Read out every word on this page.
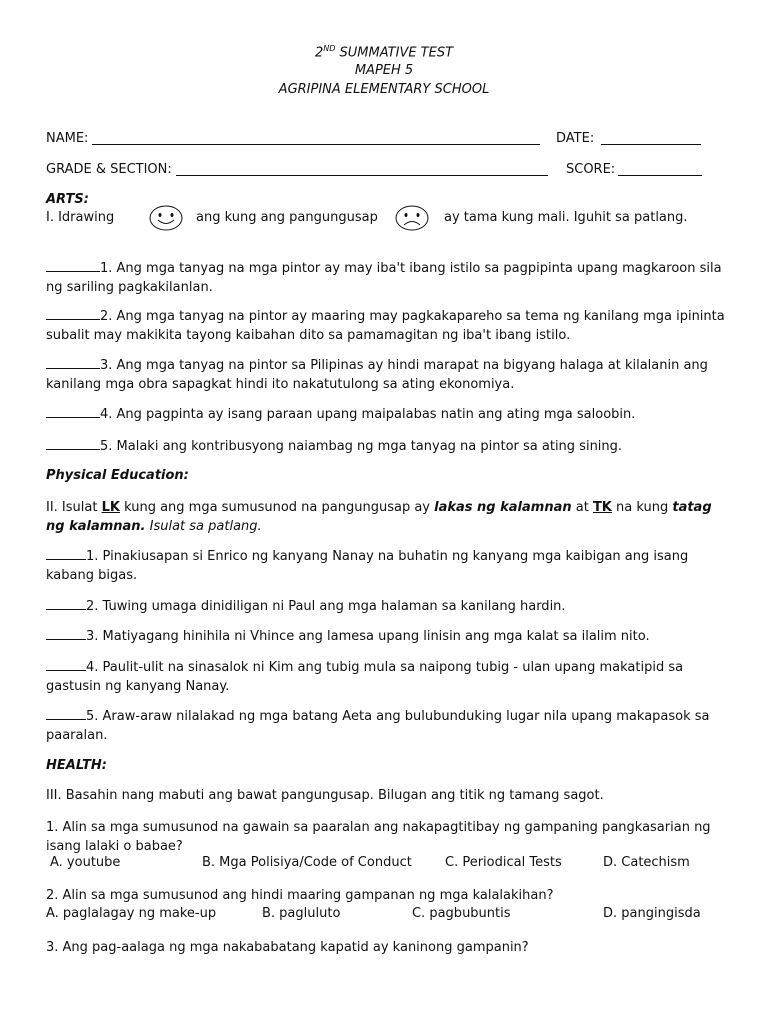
2ND SUMMATIVE TEST
MAPEH 5
AGRIPINA ELEMENTARY SCHOOL
NAME:	DATE:
GRADE & SECTION:	SCORE:
ARTS:
I. Idrawing	ang kung ang pangungusap	ay tama kung mali. Iguhit sa patlang.
1. Ang mga tanyag na mga pintor ay may iba't ibang istilo sa pagpipinta upang magkaroon sila ng sariling pagkakilanlan.
2. Ang mga tanyag na pintor ay maaring may pagkakapareho sa tema ng kanilang mga ipininta subalit may makikita tayong kaibahan dito sa pamamagitan ng iba't ibang istilo.
3. Ang mga tanyag na pintor sa Pilipinas ay hindi marapat na bigyang halaga at kilalanin ang kanilang mga obra sapagkat hindi ito nakatutulong sa ating ekonomiya.
4. Ang pagpinta ay isang paraan upang maipalabas natin ang ating mga saloobin.
5. Malaki ang kontribusyong naiambag ng mga tanyag na pintor sa ating sining.
Physical Education:
II. Isulat LK kung ang mga sumusunod na pangungusap ay lakas ng kalamnan at TK na kung tatag ng kalamnan. Isulat sa patlang.
1. Pinakiusapan si Enrico ng kanyang Nanay na buhatin ng kanyang mga kaibigan ang isang kabang bigas.
2. Tuwing umaga dinidiligan ni Paul ang mga halaman sa kanilang hardin.
3. Matiyagang hinihila ni Vhince ang lamesa upang linisin ang mga kalat sa ilalim nito.
4. Paulit-ulit na sinasalok ni Kim ang tubig mula sa naipong tubig - ulan upang makatipid sa gastusin ng kanyang Nanay.
5. Araw-araw nilalakad ng mga batang Aeta ang bulubunduking lugar nila upang makapasok sa paaralan.
HEALTH:
III. Basahin nang mabuti ang bawat pangungusap. Bilugan ang titik ng tamang sagot.
1. Alin sa mga sumusunod na gawain sa paaralan ang nakapagtitibay ng gampaning pangkasarian ng isang lalaki o babae?
A. youtube	B. Mga Polisiya/Code of Conduct	C. Periodical Tests	D. Catechism
2. Alin sa mga sumusunod ang hindi maaring gampanan ng mga kalalakihan?
A. paglalagay ng make-up	B. pagluluto	C. pagbubuntis	D. pangingisda
3. Ang pag-aalaga ng mga nakababatang kapatid ay kaninong gampanin?
